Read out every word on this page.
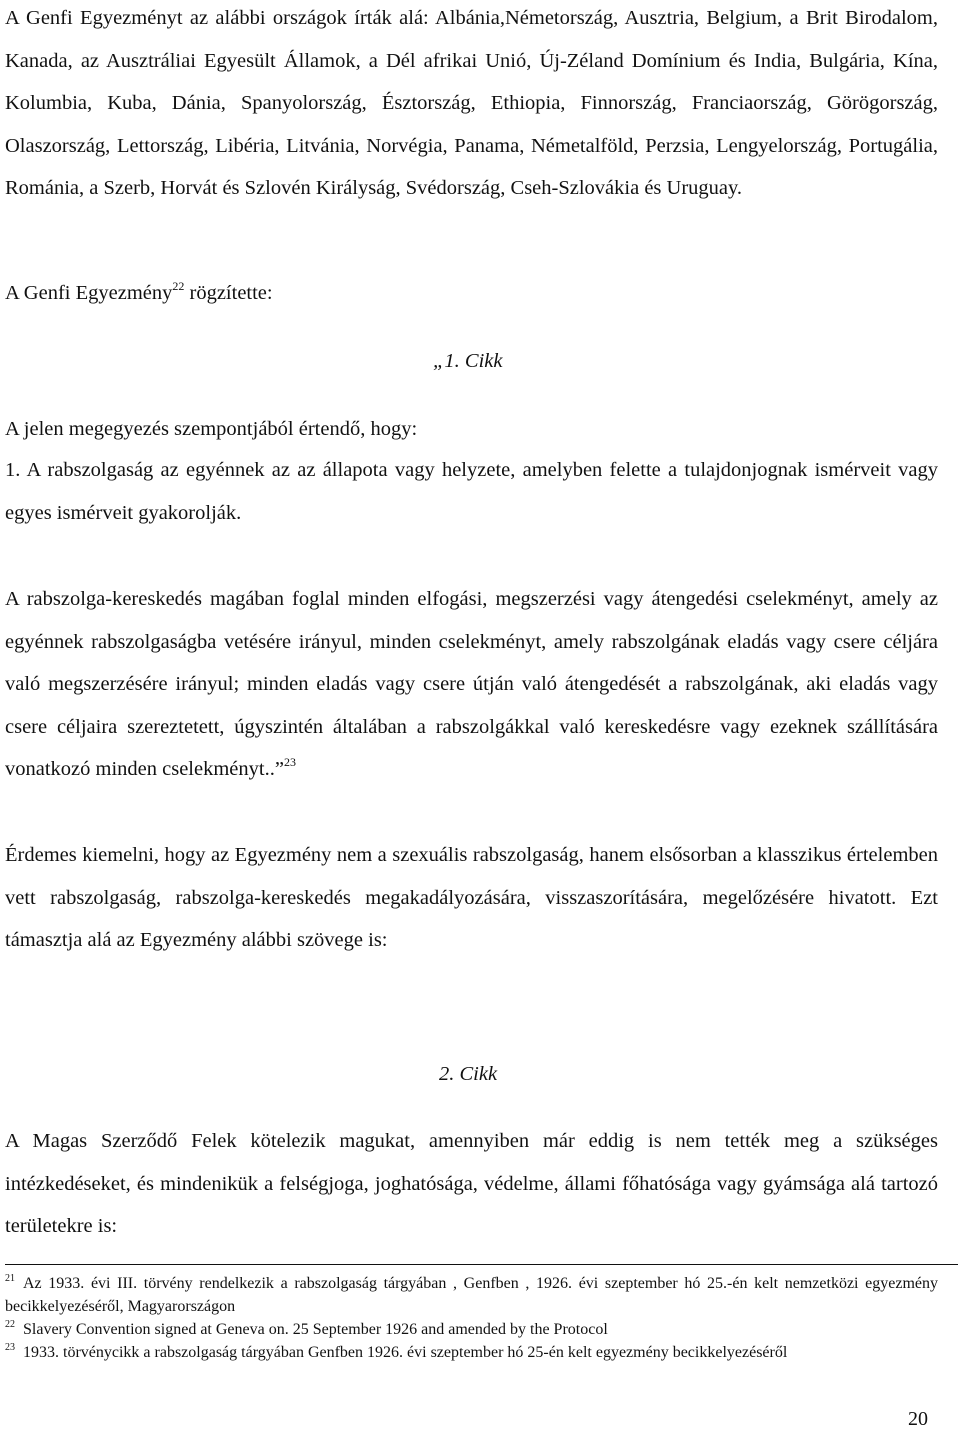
A Genfi Egyezményt az alábbi országok írták alá: Albánia,Németország, Ausztria, Belgium, a Brit Birodalom, Kanada, az Ausztráliai Egyesült Államok, a Dél afrikai Unió, Új-Zéland Domínium és India, Bulgária, Kína, Kolumbia, Kuba, Dánia, Spanyolország, Észtország, Ethiopia, Finnország, Franciaország, Görögország, Olaszország, Lettország, Libéria, Litvánia, Norvégia, Panama, Németalföld, Perzsia, Lengyelország, Portugália, Románia, a Szerb, Horvát és Szlovén Királyság, Svédország, Cseh-Szlovákia és Uruguay.

A Genfi Egyezmény$^{22}$ rögzítette:
„1. Cikk
A jelen megegyezés szempontjából értendő, hogy:

1. A rabszolgaság az egyénnek az az állapota vagy helyzete, amelyben felette a tulajdonjognak ismérveit vagy egyes ismérveit gyakorolják.

A rabszolga-kereskedés magában foglal minden elfogási, megszerzési vagy átengedési cselekményt, amely az egyénnek rabszolgaságba vetésére irányul, minden cselekményt, amely rabszolgának eladás vagy csere céljára való megszerzésére irányul; minden eladás vagy csere útján való átengedését a rabszolgának, aki eladás vagy csere céljaira szereztetett, úgyszintén általában a rabszolgákkal való kereskedésre vagy ezeknek szállítására vonatkozó minden cselekményt..”$^{23}$

Érdemes kiemelni, hogy az Egyezmény nem a szexuális rabszolgaság, hanem elsősorban a klasszikus értelemben vett rabszolgaság, rabszolga-kereskedés megakadályozására, visszaszorítására, megelőzésére hivatott. Ezt támasztja alá az Egyezmény alábbi szövege is:

2. Cikk

A Magas Szerződő Felek kötelezik magukat, amennyiben már eddig is nem tették meg a szükséges intézkedéseket, és mindenikük a felségjoga, joghatósága, védelme, állami főhatósága vagy gyámsága alá tartozó területekre is:

$^{21}$ Az 1933. évi III. törvény rendelkezik a rabszolgaság tárgyában , Genfben , 1926. évi szeptember hó 25.-én kelt nemzetközi egyezmény becikkelyezéséről, Magyarországon

$^{22}$ Slavery Convention signed at Geneva on. 25 September 1926 and amended by the Protocol

$^{23}$ 1933. törvénycikk a rabszolgaság tárgyában Genfben 1926. évi szeptember hó 25-én kelt egyezmény becikkelyezéséről

20
